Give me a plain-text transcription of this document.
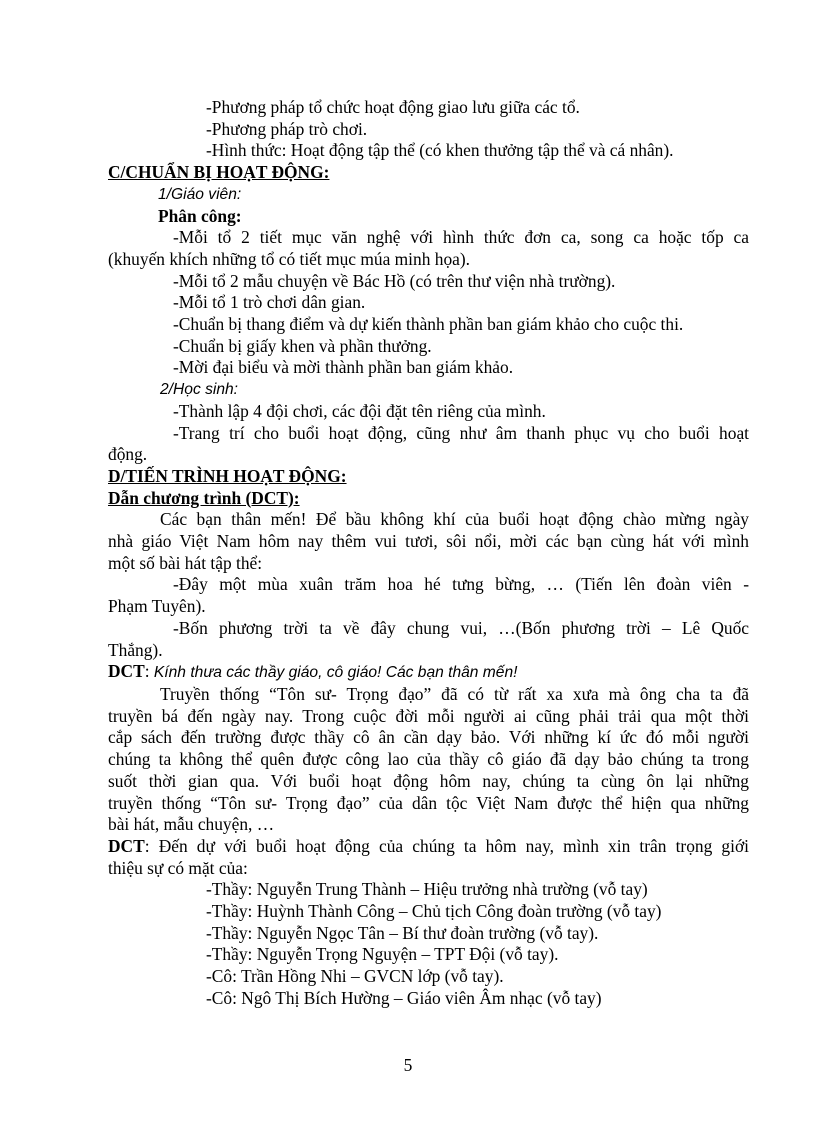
-Phương pháp tổ chức hoạt động giao lưu giữa các tổ.

-Phương pháp trò chơi.

-Hình thức: Hoạt động tập thể (có khen thưởng tập thể và cá nhân).

C/CHUẨN BỊ HOẠT ĐỘNG:

1/Giáo viên:

Phân công:

-Mỗi tổ 2 tiết mục văn nghệ với hình thức đơn ca, song ca hoặc tốp ca

(khuyến khích những tổ có tiết mục múa minh họa).

-Mỗi tổ 2 mẫu chuyện về Bác Hồ (có trên thư viện nhà trường).

-Mỗi tổ 1 trò chơi dân gian.

-Chuẩn bị thang điểm và dự kiến thành phần ban giám khảo cho cuộc thi.

-Chuẩn bị giấy khen và phần thưởng.

-Mời đại biểu và mời thành phần ban giám khảo.

2/Học sinh:

-Thành lập 4 đội chơi, các đội đặt tên riêng của mình.

-Trang trí cho buổi hoạt động, cũng như âm thanh phục vụ cho buổi hoạt

động.

D/TIẾN TRÌNH HOẠT ĐỘNG:

Dẫn chương trình (DCT):

Các bạn thân mến! Để bầu không khí của buổi hoạt động chào mừng ngày

nhà giáo Việt Nam hôm nay thêm vui tươi, sôi nổi, mời các bạn cùng hát với mình

một số bài hát tập thể:

-Đây một mùa xuân trăm hoa hé tưng bừng, … (Tiến lên đoàn viên -

Phạm Tuyên).

-Bốn phương trời ta về đây chung vui, …(Bốn phương trời – Lê Quốc

Thắng).

DCT: Kính thưa các thầy giáo, cô giáo! Các bạn thân mến!

Truyền thống “Tôn sư- Trọng đạo” đã có từ rất xa xưa mà ông cha ta đã

truyền bá đến ngày nay. Trong cuộc đời mỗi người ai cũng phải trải qua một thời

cắp sách đến trường được thầy cô ân cần dạy bảo. Với những kí ức đó mỗi người

chúng ta không thể quên được công lao của thầy cô giáo đã dạy bảo chúng ta trong

suốt thời gian qua. Với buổi hoạt động hôm nay, chúng ta cùng ôn lại những

truyền thống “Tôn sư- Trọng đạo” của dân tộc Việt Nam được thể hiện qua những

bài hát, mẫu chuyện, …

DCT: Đến dự với buổi hoạt động của chúng ta hôm nay, mình xin trân trọng giới

thiệu sự có mặt của:

-Thầy: Nguyễn Trung Thành – Hiệu trưởng nhà trường (vỗ tay)

-Thầy: Huỳnh Thành Công – Chủ tịch Công đoàn trường (vỗ tay)

-Thầy: Nguyễn Ngọc Tân – Bí thư đoàn trường (vỗ tay).

-Thầy: Nguyễn Trọng Nguyện – TPT Đội (vỗ tay).

-Cô: Trần Hồng Nhi – GVCN lớp (vỗ tay).

-Cô: Ngô Thị Bích Hường – Giáo viên Âm nhạc (vỗ tay)

5
